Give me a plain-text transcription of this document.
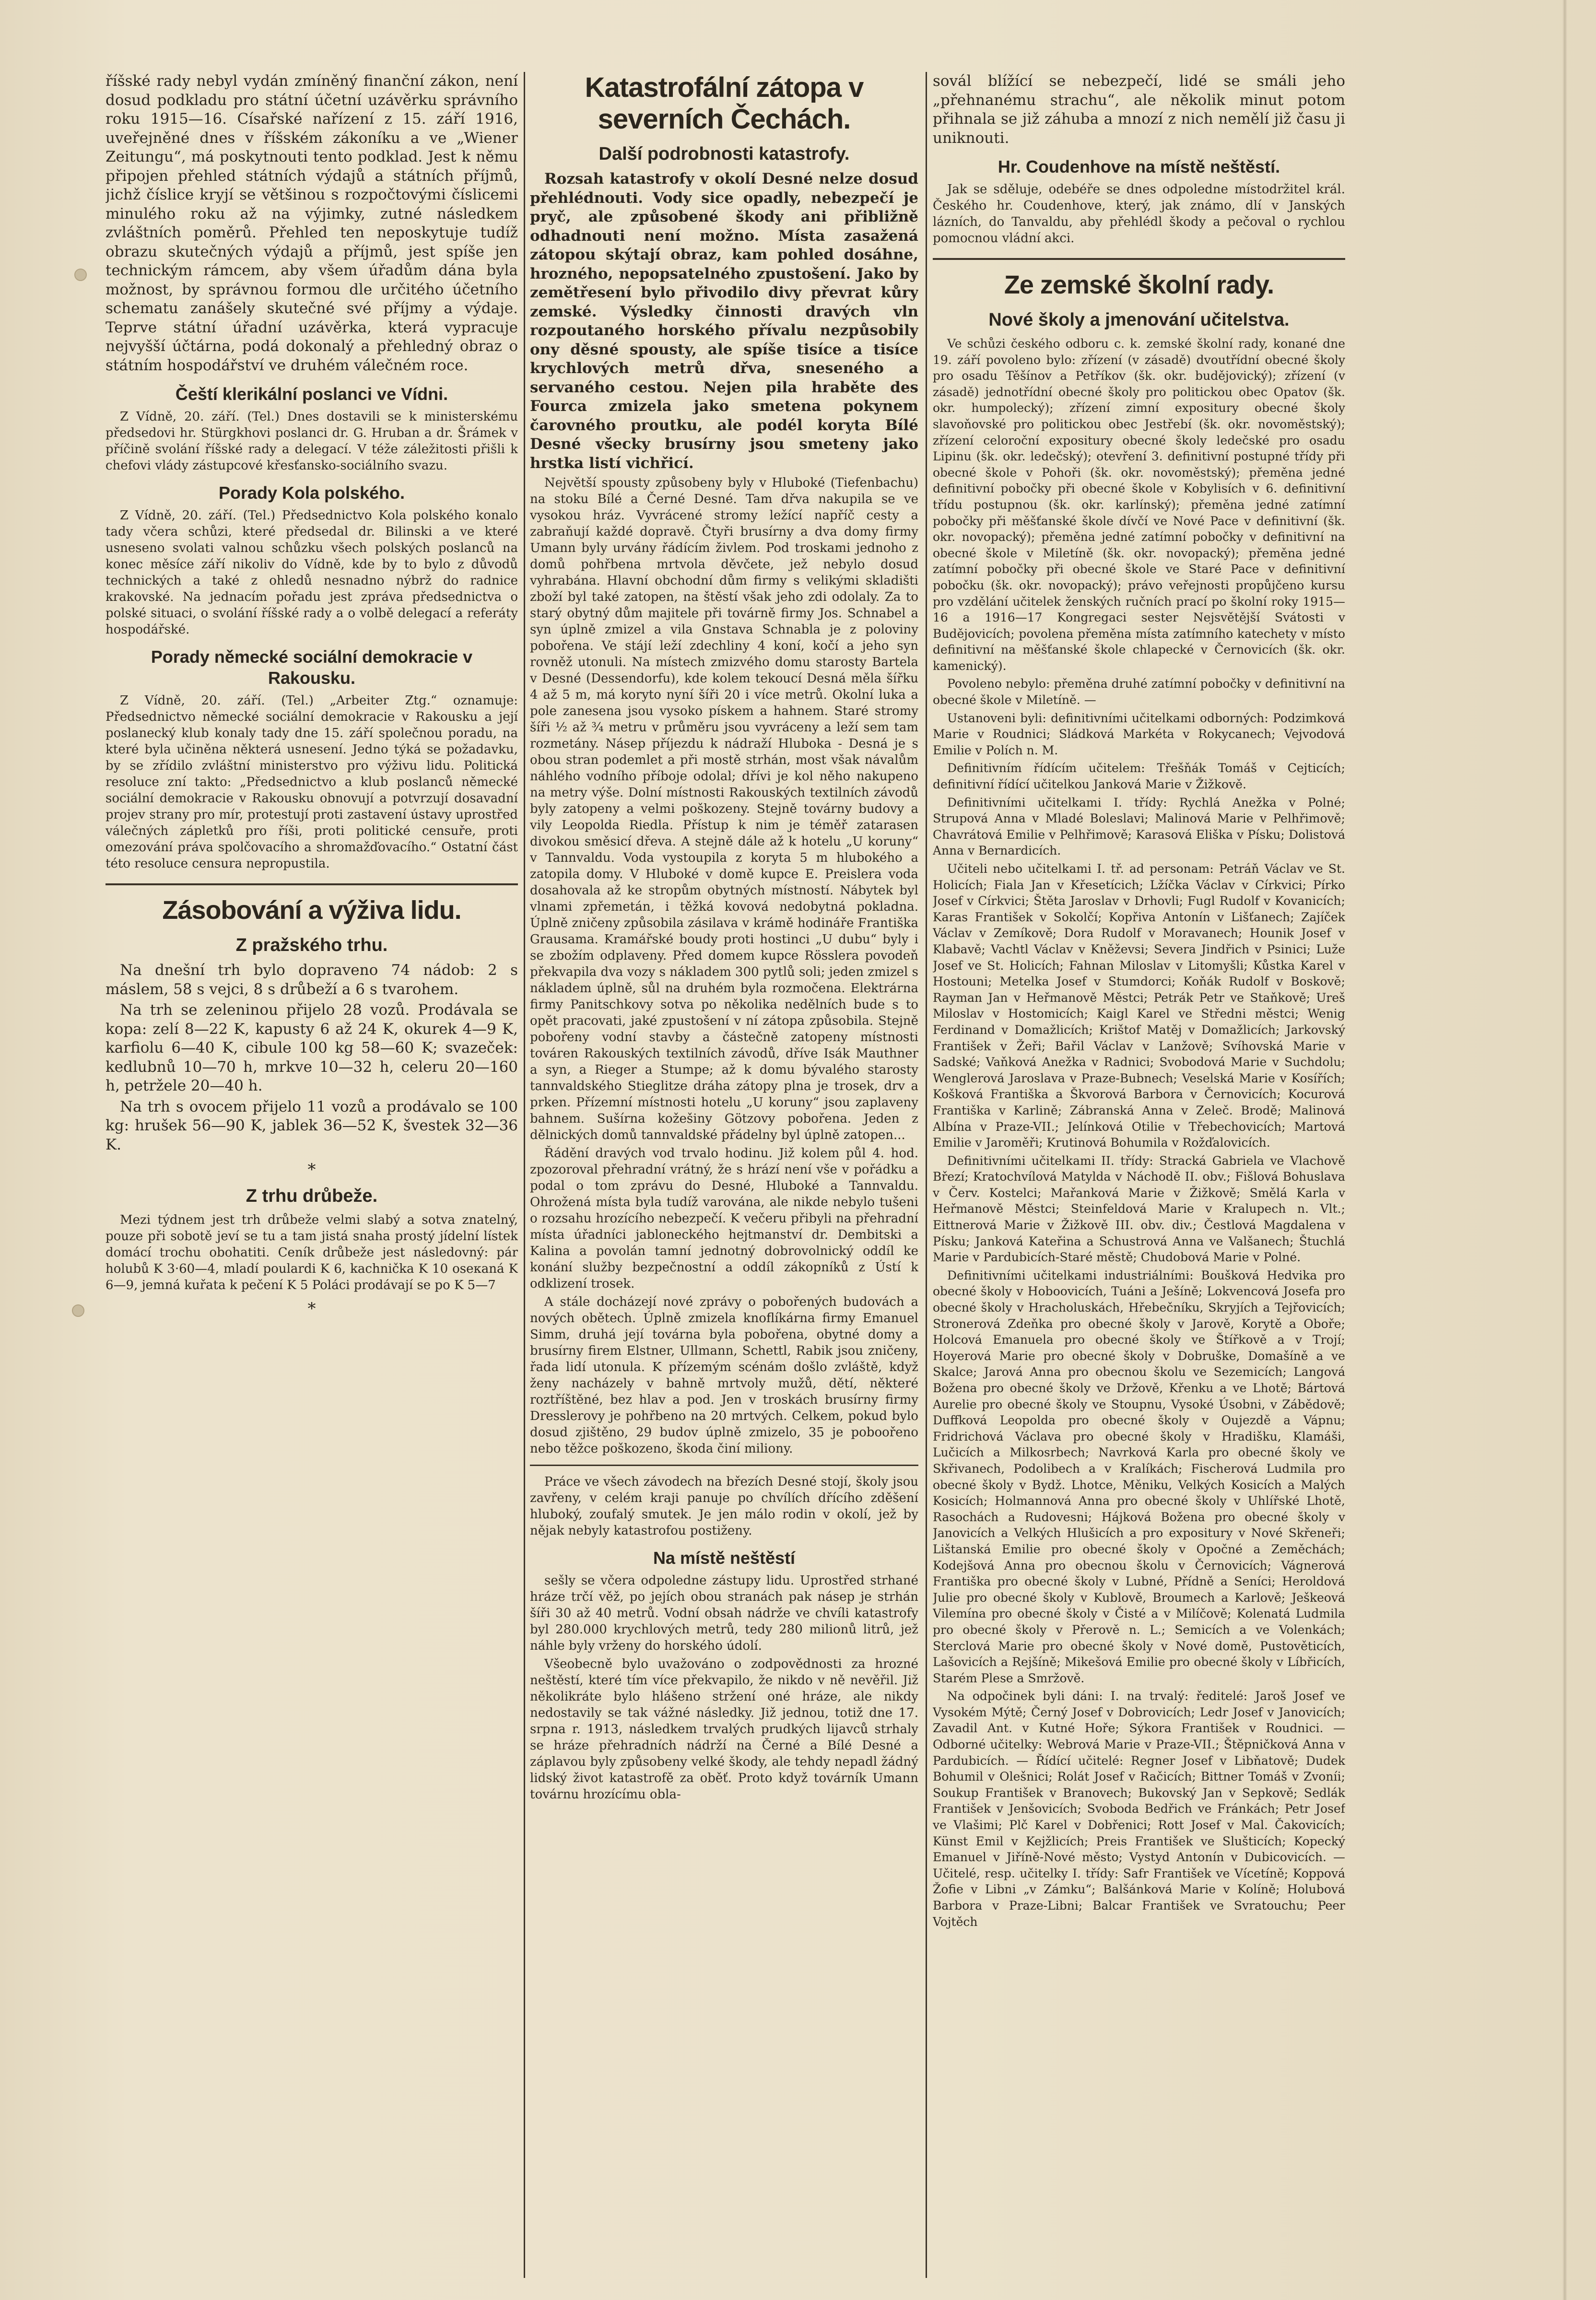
říšské rady nebyl vydán zmíněný finanční zákon, není dosud podkladu pro státní účetní uzávěrku správního roku 1915—16. Císařské nařízení z 15. září 1916, uveřejněné dnes v říšském zákoníku a ve „Wiener Zeitungu“, má poskytnouti tento podklad. Jest k němu připojen přehled státních výdajů a státních příjmů, jichž číslice kryjí se většinou s rozpočtovými číslicemi minulého roku až na výjimky, zutné následkem zvláštních poměrů. Přehled ten neposkytuje tudíž obrazu skutečných výdajů a příjmů, jest spíše jen technickým rámcem, aby všem úřadům dána byla možnost, by správnou formou dle určitého účetního schematu zanášely skutečné své příjmy a výdaje. Teprve státní úřadní uzávěrka, která vypracuje nejvyšší účtárna, podá dokonalý a přehledný obraz o státním hospodářství ve druhém válečném roce.

Čeští klerikální poslanci ve Vídni.

Z Vídně, 20. září. (Tel.) Dnes dostavili se k ministerskému předsedovi hr. Stürgkhovi poslanci dr. G. Hruban a dr. Šrámek v příčině svolání říšské rady a delegací. V téže záležitosti přišli k chefovi vlády zástupcové křesťansko-sociálního svazu.

Porady Kola polského.

Z Vídně, 20. září. (Tel.) Předsednictvo Kola polského konalo tady včera schůzi, které předsedal dr. Bilinski a ve které usneseno svolati valnou schůzku všech polských poslanců na konec měsíce září nikoliv do Vídně, kde by to bylo z důvodů technických a také z ohledů nesnadno nýbrž do radnice krakovské. Na jednacím pořadu jest zpráva předsednictva o polské situaci, o svolání říšské rady a o volbě delegací a referáty hospodářské.

Porady německé sociální demokracie v Rakousku.

Z Vídně, 20. září. (Tel.) „Arbeiter Ztg.“ oznamuje: Předsednictvo německé sociální demokracie v Rakousku a její poslanecký klub konaly tady dne 15. září společnou poradu, na které byla učiněna některá usnesení. Jedno týká se požadavku, by se zřídilo zvláštní ministerstvo pro výživu lidu. Politická resoluce zní takto: „Předsednictvo a klub poslanců německé sociální demokracie v Rakousku obnovují a potvrzují dosavadní projev strany pro mír, protestují proti zastavení ústavy uprostřed válečných zápletků pro říši, proti politické censuře, proti omezování práva spolčovacího a shromažďovacího.“ Ostatní část této resoluce censura nepropustila.

Zásobování a výživa lidu.
Z pražského trhu.

Na dnešní trh bylo dopraveno 74 nádob: 2 s máslem, 58 s vejci, 8 s drůbeží a 6 s tvarohem.

Na trh se zeleninou přijelo 28 vozů. Prodávala se kopa: zelí 8—22 K, kapusty 6 až 24 K, okurek 4—9 K, karfiolu 6—40 K, cibule 100 kg 58—60 K; svazeček: kedlubnů 10—70 h, mrkve 10—32 h, celeru 20—160 h, petrželе 20—40 h.

Na trh s ovocem přijelo 11 vozů a prodávalo se 100 kg: hrušek 56—90 K, jablek 36—52 K, švestek 32—36 K.

*
Z trhu drůbeže.

Mezi týdnem jest trh drůbeže velmi slabý a sotva znatelný, pouze při sobotě jeví se tu a tam jistá snaha prostý jídelní lístek domácí trochu obohatiti. Ceník drůbeže jest následovný: pár holubů K 3·60—4, mladí poulardi K 6, kachnička K 10 oseкaná K 6—9, jemná kuřata k pečení K 5 Poláci prodávají se po K 5—7

*
Katastrofální zátopa v severních Čechách.
Další podrobnosti katastrofy.

Rozsah katastrofy v okolí Desné nelze dosud přehlédnouti. Vody sice opadly, nebezpečí je pryč, ale způsobené škody ani přibližně odhadnouti není možno. Místa zasažená zátopou skýtají obraz, kam pohled dosáhne, hrozného, nepopsatelného zpustošení. Jako by zemětřesení bylo přivodilo divy převrat kůry zemské. Výsledky činnosti dravých vln rozpoutaného horského přívalu nezpůsobily ony děsné spousty, ale spíše tisíce a tisíce krychlových metrů dřva, sneseného a servaného cestou. Nejen pila hraběte des Fourса zmizela jako smetena pokynem čarovného proutku, ale podél koryta Bílé Desné všecky brusírny jsou smeteny jako hrstka listí vichřicí.

Největší spousty způsobeny byly v Hluboké (Tiefenbachu) na stoku Bílé a Černé Desné. Tam dřva nakupila se ve vysokou hráz. Vyvrácené stromy ležící napříč cesty a zabraňují každé dopravě. Čtyři brusírny a dva domy firmy Umann byly urvány řádícím živlem. Pod troskami jednoho z domů pohřbena mrtvola děvčete, jež nebylo dosud vyhrabána. Hlavní obchodní dům firmy s velikými skladišti zboží byl také zatopen, na štěstí však jeho zdi odolaly. Za to starý obytný dům majitele při továrně firmy Jos. Schnabel a syn úplně zmizel a vila Gnstava Schnabla je z poloviny pobořena. Ve stájí leží zdechliny 4 koní, kočí a jeho syn rovněž utonuli. Na místech zmizvého domu starosty Bartela v Desné (Dessendorfu), kde kolem tekoucí Desná měla šířku 4 až 5 m, má koryto nyní šíři 20 i více metrů. Okolní luka a pole zanesena jsou vysoko pískem a hahnem. Staré stromy šíři ½ až ¾ metru v průměru jsou vyvráceny a leží sem tam rozmetány. Násep příjezdu k nádraží Hluboka - Desná je s obou stran podemlet a při mostě strhán, most však návalům náhlého vodního příboje odolal; dřívi je kol něho nakupeno na metry výše. Dolní místnosti Rakouských textilních závodů byly zatopeny a velmi poškozeny. Stejně továrny budovy a vily Leopolda Riedla. Přístup k nim je téměř zatarasen divokou směsicí dřeva. A stejně dále až k hotelu „U koruny“ v Tannvaldu. Voda vystoupila z koryta 5 m hlubokého a zatopila domy. V Hluboké v domě kupce E. Preislera voda dosahovala až ke stropům obytných místností. Nábytek byl vlnami zpřemetán, i těžká kovová nedobytná pokladna. Úplně zničeny způsobila zásilava v krámě hodináře Františka Grausama. Kramářské boudy proti hostinci „U dubu“ byly i se zbožím odplaveny. Před domem kupce Rösslera povodeň překvapila dva vozy s nákladem 300 pytlů soli; jeden zmizel s nákladem úplně, sůl na druhém byla rozmočena. Elektrárna firmy Panitschkovy sotva po několika nedělních bude s to opět pracovati, jaké zpustošení v ní zátopa způsobila. Stejně pobořeny vodní stavby a částečně zatopeny místnosti továren Rakouských textilních závodů, dříve Isák Mauthner a syn, a Rieger a Stumpe; až k domu bývalého starosty tannvaldského Stieglitze dráha zátopy plna je trosek, drv a prken. Přízemní místnosti hotelu „U koruny“ jsou zaplaveny bahnem. Sušírna kožešiny Götzovy pobořena. Jeden z dělnických domů tannvaldské přádelny byl úplně zatopen...

Řádění dravých vod trvalo hodinu. Již kolem půl 4. hod. zpozoroval přehradní vrátný, že s hrází není vše v pořádku a podal o tom zprávu do Desné, Hluboké a Tannvaldu. Ohrožená místa byla tudíž varována, ale nikde nebylo tušeni o rozsahu hrozícího nebezpečí. K večeru přibyli na přehradní místa úřadníci jabloneckého hejtmanství dr. Dembitski a Kalina a povolán tamní jednotný dobrovolnický oddíl ke konání služby bezpečnostní a oddíl zákopníků z Ústí k odklizení trosek.

A stále docházejí nové zprávy o pobořených budovách a nových obětech. Úplně zmizela knoflíkárna firmy Emanuel Simm, druhá její továrna byla pobořena, obytné domy a brusírny firem Elstner, Ullmann, Schettl, Rabik jsou zničeny, řada lidí utonula. K přízemým scénám došlo zvláště, když ženy nacházely v bahně mrtvoly mužů, dětí, některé roztříštěné, bez hlav a pod. Jen v troskách brusírny firmy Dresslerovy je pohřbeno na 20 mrtvých. Celkem, pokud bylo dosud zjištěno, 29 budov úplně zmizelo, 35 je poboořeno nebo těžce poškozeno, škoda činí miliony.

Práce ve všech závodech na březích Desné stojí, školy jsou zavřeny, v celém kraji panuje po chvílích dřícího zděšení hluboký, zoufalý smutek. Je jen málo rodin v okolí, jež by nějak nebyly katastrofou postiženy.

Na místě neštěstí

sešly se včera odpoledne zástupy lidu. Uprostřed strhané hráze trčí věž, po jejích obou stranách pak násep je strhán šíři 30 až 40 metrů. Vodní obsah nádrže ve chvíli katastrofy byl 280.000 krychlových metrů, tedy 280 milionů litrů, jež náhle byly vrženy do horského údolí.

Všeobecně bylo uvažováno o zodpovědnosti za hrozné neštěstí, které tím více překvapilo, že nikdo v ně nevěřil. Již několikráte bylo hlášeno stržení oné hráze, ale nikdy nedostavily se tak vážné následky. Již jednou, totiž dne 17. srpna r. 1913, následkem trvalých prudkých lijavců strhaly se hráze přehradních nádrží na Černé a Bílé Desné a záplavou byly způsobeny velké škody, ale tehdy nepadl žádný lidský život katastrofě za oběť. Proto když továrník Umann továrnu hrozícímu obla-

sovál blížící se nebezpečí, lidé se smáli jeho „přehnanému strachu“, ale několik minut potom přihnala se již záhuba a mnozí z nich nemělí již času ji uniknouti.

Hr. Coudenhove na místě neštěstí.

Jak se sděluje, odebéře se dnes odpoledne místodržitel král. Českého hr. Coudenhove, který, jak známo, dlí v Janských lázních, do Tanvaldu, aby přehlédl škody a pečoval o rychlou pomocnou vládní akci.

Ze zemské školní rady.
Nové školy a jmenování učitelstva.

Ve schůzi českého odboru c. k. zemské školní rady, konané dne 19. září povoleno bylo: zřízení (v zásadě) dvoutřídní obecné školy pro osadu Těšínov a Petříkov (šk. okr. budějovický); zřízení (v zásadě) jednotřídní obecné školy pro politickou obec Opatov (šk. okr. humpolecký); zřízení zimní expositury obecné školy slavoňovské pro politickou obec Jestřebí (šk. okr. novoměstský); zřízení celoroční expositury obecné školy ledečské pro osadu Lipinu (šk. okr. ledečský); otevření 3. definitivní postupné třídy při obecné škole v Pohoři (šk. okr. novoměstský); přeměna jedné definitivní pobočky při obecné škole v Kobylisích v 6. definitivní třídu postupnou (šk. okr. karlínský); přeměna jedné zatímní pobočky při měšťanské škole dívčí ve Nové Pace v definitivní (šk. okr. novopacký); přeměna jedné zatímní pobočky v definitivní na obecné škole v Miletíně (šk. okr. novopacký); přeměna jedné zatímní pobočky při obecné škole ve Staré Pace v definitivní pobočku (šk. okr. novopacký); právo veřejnosti propůjčeno kursu pro vzdělání učitelek ženských ručních prací po školní roky 1915—16 a 1916—17 Kongregaci sester Nejsvětější Svátosti v Budějovicích; povolena přeměna místa zatímního katechety v místo definitivní na měšťanské škole chlapecké v Černovicích (šk. okr. kamenický).

Povoleno nebylo: přeměna druhé zatímní pobočky v definitivní na obecné škole v Miletíně. —

Ustanoveni byli: definitivními učitelkami odborných: Podzimková Marie v Roudnici; Sládková Markéta v Rokycanech; Vejvodová Emilie v Polích n. M.

Definitivním řídícím učitelem: Třešňák Tomáš v Cejticích; definitivní řídící učitelkou Janková Marie v Žižkově.

Definitivními učitelkami I. třídy: Rychlá Anežka v Polné; Strupová Anna v Mladé Boleslavi; Malinová Marie v Pelhřimově; Chavrátová Emilie v Pelhřimově; Karasová Eliška v Písku; Dolistová Anna v Bernardicích.

Učiteli nebo učitelkami I. tř. ad personam: Petráň Václav ve St. Holicích; Fiala Jan v Křesetícich; Lžíčka Václav v Církvici; Pírko Josef v Církvici; Štěta Jaroslav v Drhovli; Fugl Rudolf v Kovanicích; Karas František v Sokolčí; Kopřiva Antonín v Lišťanech; Zajíček Václav v Zemíkově; Dora Rudolf v Moravanech; Hounik Josef v Klabavě; Vachtl Václav v Kněževsi; Severa Jindřich v Psinici; Luže Josef ve St. Holicích; Fahnan Miloslav v Litomyšli; Kůstka Karel v Hostouni; Metelka Josef v Stumdorci; Koňák Rudolf v Boskově; Rayman Jan v Heřmanově Městci; Petrák Petr ve Staňkově; Ureš Miloslav v Hostomicích; Kaigl Karel ve Středni městci; Wenig Ferdinand v Domažlicích; Krištof Matěj v Domažlicích; Jarkovský František v Žeři; Bařil Václav v Lanžově; Svíhovská Marie v Sadské; Vaňková Anežka v Radnici; Svobodová Marie v Suchdolu; Wenglerová Jaroslava v Praze-Bubnech; Veselská Marie v Kosířích; Košková Františka a Škvorová Barbora v Černovicích; Kocurová Františka v Karlině; Zábranská Anna v Zeleč. Brodě; Malinová Albína v Praze-VII.; Jelínková Otilie v Třebechovicích; Martová Emilie v Jaroměři; Krutinová Bohumila v Rožďalovicích.

Definitivními učitelkami II. třídy: Stracká Gabriela ve Vlachově Březí; Kratochvílová Matylda v Náchodě II. obv.; Fišlová Bohuslava v Červ. Kostelci; Mařanková Marie v Žižkově; Smělá Karla v Heřmanově Městci; Steinfeldová Marie v Kralupech n. Vlt.; Eittnerová Marie v Žižkově III. obv. div.; Čestlová Magdalena v Písku; Janková Kateřina a Schustrová Anna ve Valšanech; Štuchlá Marie v Pardubicích-Staré městě; Chudobová Marie v Polné.

Definitivními učitelkami industriálními: Boušková Hedvika pro obecné školy v Hoboovicích, Tuáni a Ješíně; Lokvencová Josefa pro obecné školy v Hracholuskách, Hřebečníku, Skryjích a Tejřovicích; Stronerová Zdeňka pro obecné školy v Jarově, Korytě a Oboře; Holcová Emanuela pro obecné školy ve Štířkově a v Trojí; Hoyerová Marie pro obecné školy v Dobruške, Domašíně a ve Skalce; Jarová Anna pro obecnou školu ve Sezemicích; Langová Božena pro obecné školy ve Držově, Křenku a ve Lhotě; Bártová Aurelie pro obecné školy ve Stoupnu, Vysoké Úsobni, v Zábědově; Duffková Leopolda pro obecné školy v Oujezdě a Vápnu; Fridrichová Václava pro obecné školy v Hradišku, Klamáši, Lučicích a Milkosrbech; Navrková Karla pro obecné školy ve Skřivanech, Podolibech a v Kralíkách; Fischerová Ludmila pro obecné školy v Bydž. Lhotce, Měniku, Velkých Kosicích a Malých Kosicích; Holmannová Anna pro obecné školy v Uhlířské Lhotě, Rasochách a Rudovesni; Hájková Božena pro obecné školy v Janovicích a Velkých Hlušicích a pro expositury v Nové Skřeneři; Lištanská Emilie pro obecné školy v Opočné a Zeměchách; Kodejšová Anna pro obecnou školu v Černovicích; Vágnerová Františka pro obecné školy v Lubné, Přídně a Seníci; Heroldová Julie pro obecné školy v Kublově, Broumech a Karlově; Ješkeová Vilemína pro obecné školy v Čisté a v Milíčově; Kolenatá Ludmila pro obecné školy v Přerově n. L.; Semicích a ve Volenkách; Sterclová Marie pro obecné školy v Nové domě, Pustověticích, Lašovicích a Rejšíně; Mikešová Emilie pro obecné školy v Líbřicích, Starém Plese a Smržově.

Na odpočinek byli dáni: I. na trvalý: ředitelé: Jaroš Josef ve Vysokém Mýtě; Černý Josef v Dobrovicích; Ledr Josef v Janovicích; Zavadil Ant. v Kutné Hoře; Sýkora František v Roudnici. — Odborné učitelky: Webrová Marie v Praze-VII.; Štěpničková Anna v Pardubicích. — Řídící učitelé: Regner Josef v Libňatově; Dudek Bohumil v Olešnici; Rolát Josef v Račicích; Bittner Tomáš v Zvoníi; Soukup František v Branovech; Bukovský Jan v Sepkově; Sedlák František v Jenšovicích; Svoboda Bedřich ve Fránkách; Petr Josef ve Vlašimi; Plč Karel v Dobřenici; Rott Josef v Mal. Čakovicích; Künst Emil v Kejžlicích; Preis František ve Slušticích; Kopecký Emanuel v Jiříně-Nové město; Vystyd Antonín v Dubicovicích. — Učitelé, resp. učitelky I. třídy: Safr František ve Vícetíně; Koppová Žofie v Libni „v Zámku“; Balšánková Marie v Kolíně; Holubová Barbora v Praze-Libni; Balcar František ve Svratouchu; Peer Vojtěch
